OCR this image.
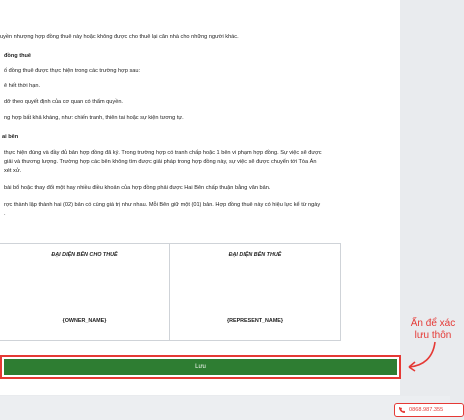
uyền nhượng hợp đồng thuê này hoặc không được cho thuê lại căn nhà cho những người khác.
đồng thuê
ố đồng thuê được thực hiện trong các trường hợp sau:
ê hết thời hạn.
dỡ theo quyết định của cơ quan có thẩm quyền.
ng hợp bất khả kháng, như: chiến tranh, thiên tai hoặc sự kiện tương tự.
ai bên
thực hiện đúng và đầy đủ bản hợp đồng đã ký. Trong trường hợp có tranh chấp hoặc 1 bên vi phạm hợp đồng. Sự việc sẽ được
giải và thương lượng. Trường hợp các bên không tìm được giải pháp trong hợp đồng này, sự việc sẽ được chuyển tới Tòa Án
xét xử.
bài bổ hoặc thay đổi một hay nhiều điều khoản của hợp đồng phải được Hai Bên chấp thuận bằng văn bản.
rợc thành lập thành hai (02) bản có cùng giá trị như nhau. Mỗi Bên giữ một (01) bản. Hợp đồng thuê này có hiệu lực kể từ ngày
.
ĐẠI DIỆN BÊN CHO THUÊ	ĐẠI DIỆN BÊN THUÊ
{OWNER_NAME}	{REPRESENT_NAME}
Lưu
Ấn để xác
lưu thôn
0868.987.355
